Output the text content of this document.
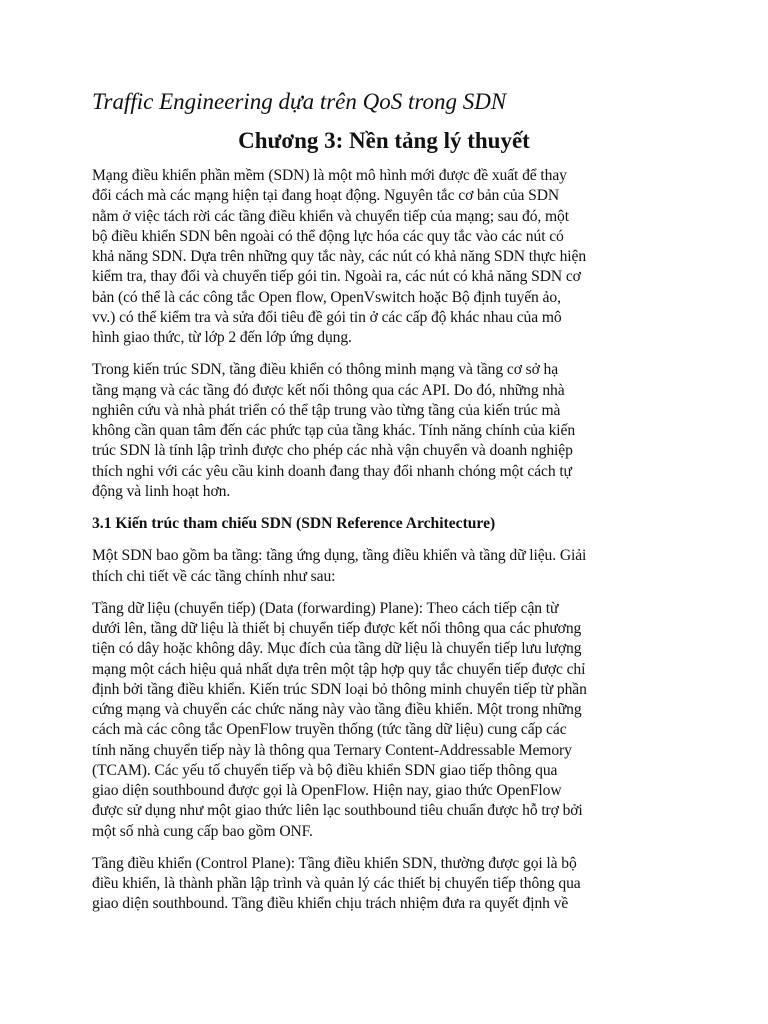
Traffic Engineering dựa trên QoS trong SDN
Chương 3: Nền tảng lý thuyết

Mạng điều khiển phần mềm (SDN) là một mô hình mới được đề xuất để thay
đổi cách mà các mạng hiện tại đang hoạt động. Nguyên tắc cơ bản của SDN
nằm ở việc tách rời các tầng điều khiển và chuyển tiếp của mạng; sau đó, một
bộ điều khiển SDN bên ngoài có thể động lực hóa các quy tắc vào các nút có
khả năng SDN. Dựa trên những quy tắc này, các nút có khả năng SDN thực hiện
kiểm tra, thay đổi và chuyển tiếp gói tin. Ngoài ra, các nút có khả năng SDN cơ
bản (có thể là các công tắc Open flow, OpenVswitch hoặc Bộ định tuyến ảo,
vv.) có thể kiểm tra và sửa đổi tiêu đề gói tin ở các cấp độ khác nhau của mô
hình giao thức, từ lớp 2 đến lớp ứng dụng.

Trong kiến trúc SDN, tầng điều khiển có thông minh mạng và tầng cơ sở hạ
tầng mạng và các tầng đó được kết nối thông qua các API. Do đó, những nhà
nghiên cứu và nhà phát triển có thể tập trung vào từng tầng của kiến trúc mà
không cần quan tâm đến các phức tạp của tầng khác. Tính năng chính của kiến
trúc SDN là tính lập trình được cho phép các nhà vận chuyển và doanh nghiệp
thích nghi với các yêu cầu kinh doanh đang thay đổi nhanh chóng một cách tự
động và linh hoạt hơn.

3.1 Kiến trúc tham chiếu SDN (SDN Reference Architecture)

Một SDN bao gồm ba tầng: tầng ứng dụng, tầng điều khiển và tầng dữ liệu. Giải
thích chi tiết về các tầng chính như sau:

Tầng dữ liệu (chuyển tiếp) (Data (forwarding) Plane): Theo cách tiếp cận từ
dưới lên, tầng dữ liệu là thiết bị chuyển tiếp được kết nối thông qua các phương
tiện có dây hoặc không dây. Mục đích của tầng dữ liệu là chuyển tiếp lưu lượng
mạng một cách hiệu quả nhất dựa trên một tập hợp quy tắc chuyển tiếp được chỉ
định bởi tầng điều khiển. Kiến trúc SDN loại bỏ thông minh chuyển tiếp từ phần
cứng mạng và chuyển các chức năng này vào tầng điều khiển. Một trong những
cách mà các công tắc OpenFlow truyền thống (tức tầng dữ liệu) cung cấp các
tính năng chuyển tiếp này là thông qua Ternary Content-Addressable Memory
(TCAM). Các yếu tố chuyển tiếp và bộ điều khiển SDN giao tiếp thông qua
giao diện southbound được gọi là OpenFlow. Hiện nay, giao thức OpenFlow
được sử dụng như một giao thức liên lạc southbound tiêu chuẩn được hỗ trợ bởi
một số nhà cung cấp bao gồm ONF.

Tầng điều khiển (Control Plane): Tầng điều khiển SDN, thường được gọi là bộ
điều khiển, là thành phần lập trình và quản lý các thiết bị chuyển tiếp thông qua
giao diện southbound. Tầng điều khiển chịu trách nhiệm đưa ra quyết định về
